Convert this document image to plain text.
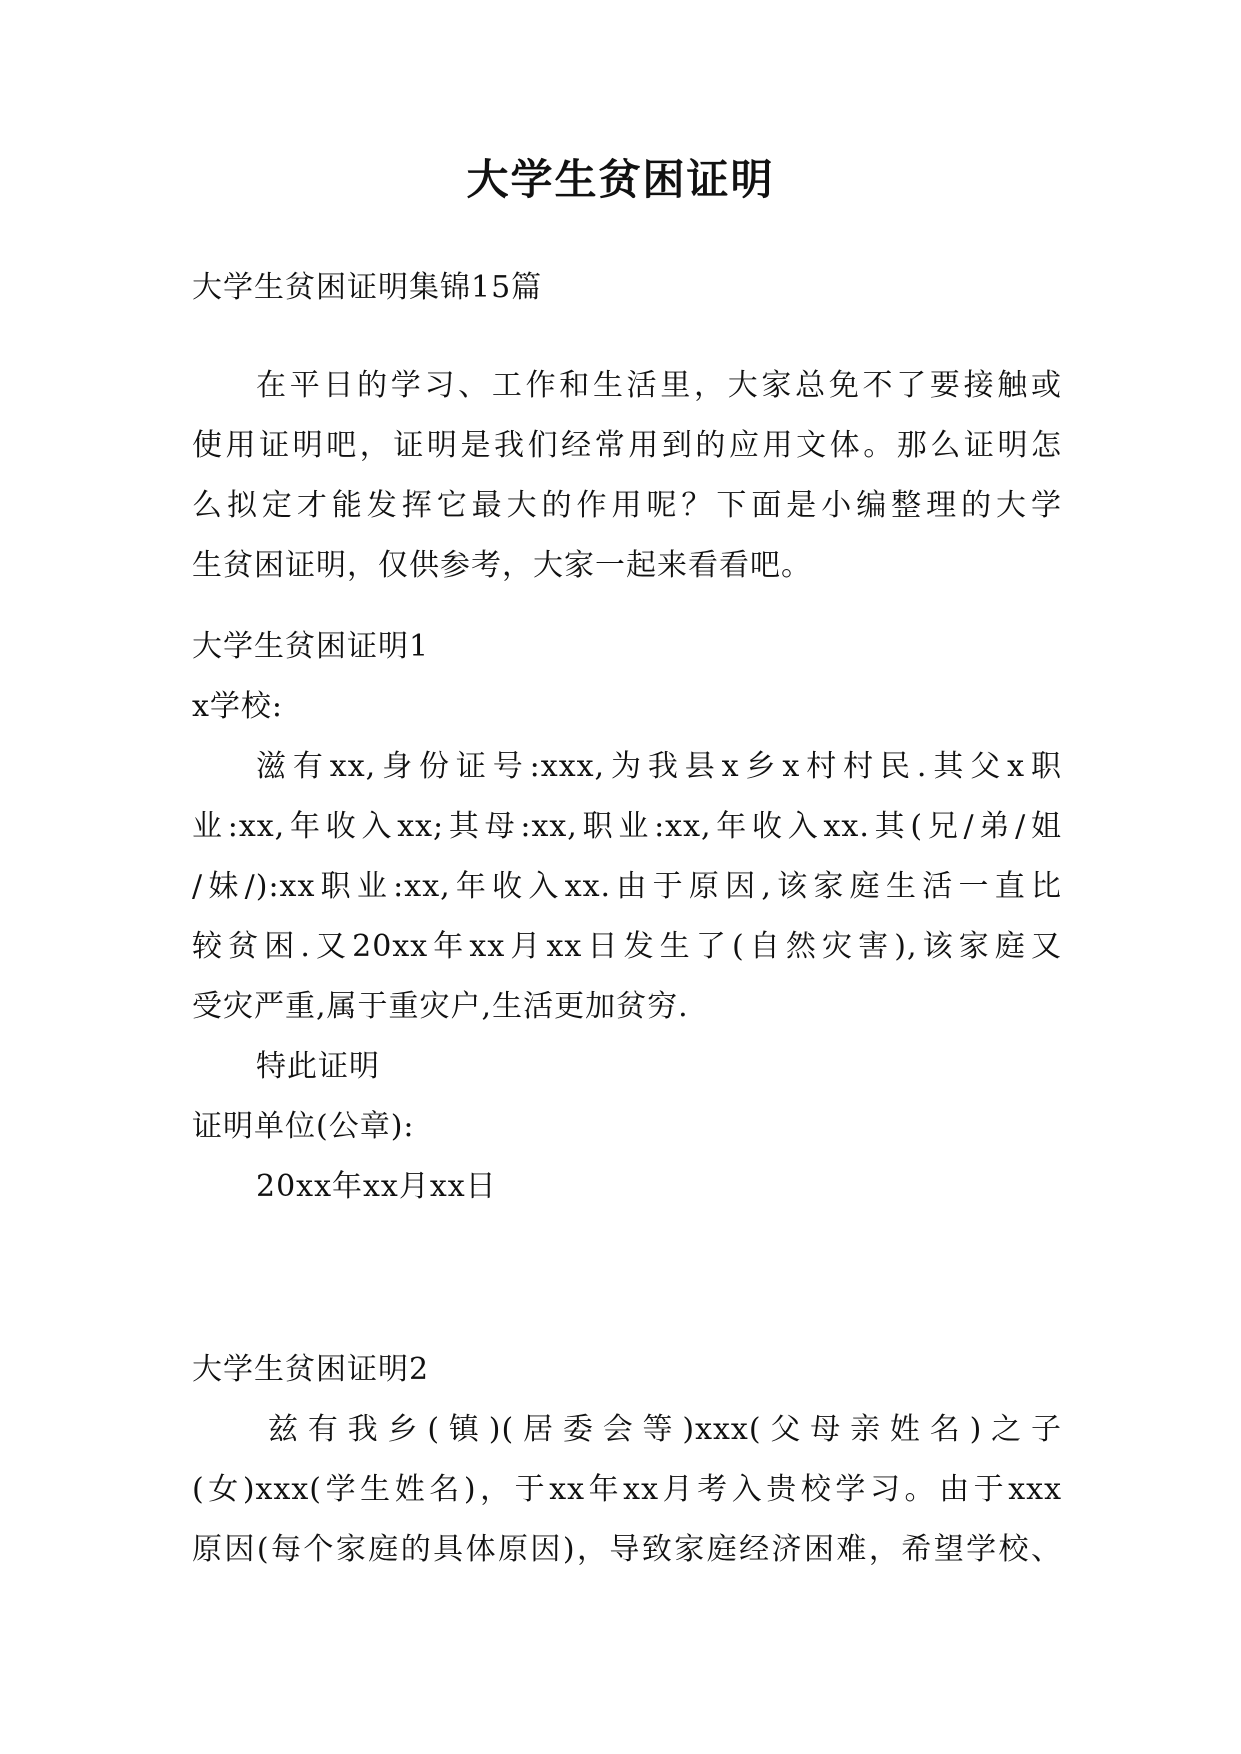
大学生贫困证明
大学生贫困证明集锦15篇
在平日的学习、工作和生活里，大家总免不了要接触或
使用证明吧，证明是我们经常用到的应用文体。那么证明怎
么拟定才能发挥它最大的作用呢？下面是小编整理的大学
生贫困证明，仅供参考，大家一起来看看吧。
大学生贫困证明1
x学校:
滋有xx,身份证号:xxx,为我县x乡x村村民.其父x职
业:xx,年收入xx;其母:xx,职业:xx,年收入xx.其(兄/弟/姐
/妹/):xx职业:xx,年收入xx.由于原因,该家庭生活一直比
较贫困.又20xx年xx月xx日发生了(自然灾害),该家庭又
受灾严重,属于重灾户,生活更加贫穷.
特此证明
证明单位(公章):
20xx年xx月xx日
大学生贫困证明2
兹有我乡(镇)(居委会等)xxx(父母亲姓名)之子
(女)xxx(学生姓名)，于xx年xx月考入贵校学习。由于xxx
原因(每个家庭的具体原因)，导致家庭经济困难，希望学校、
